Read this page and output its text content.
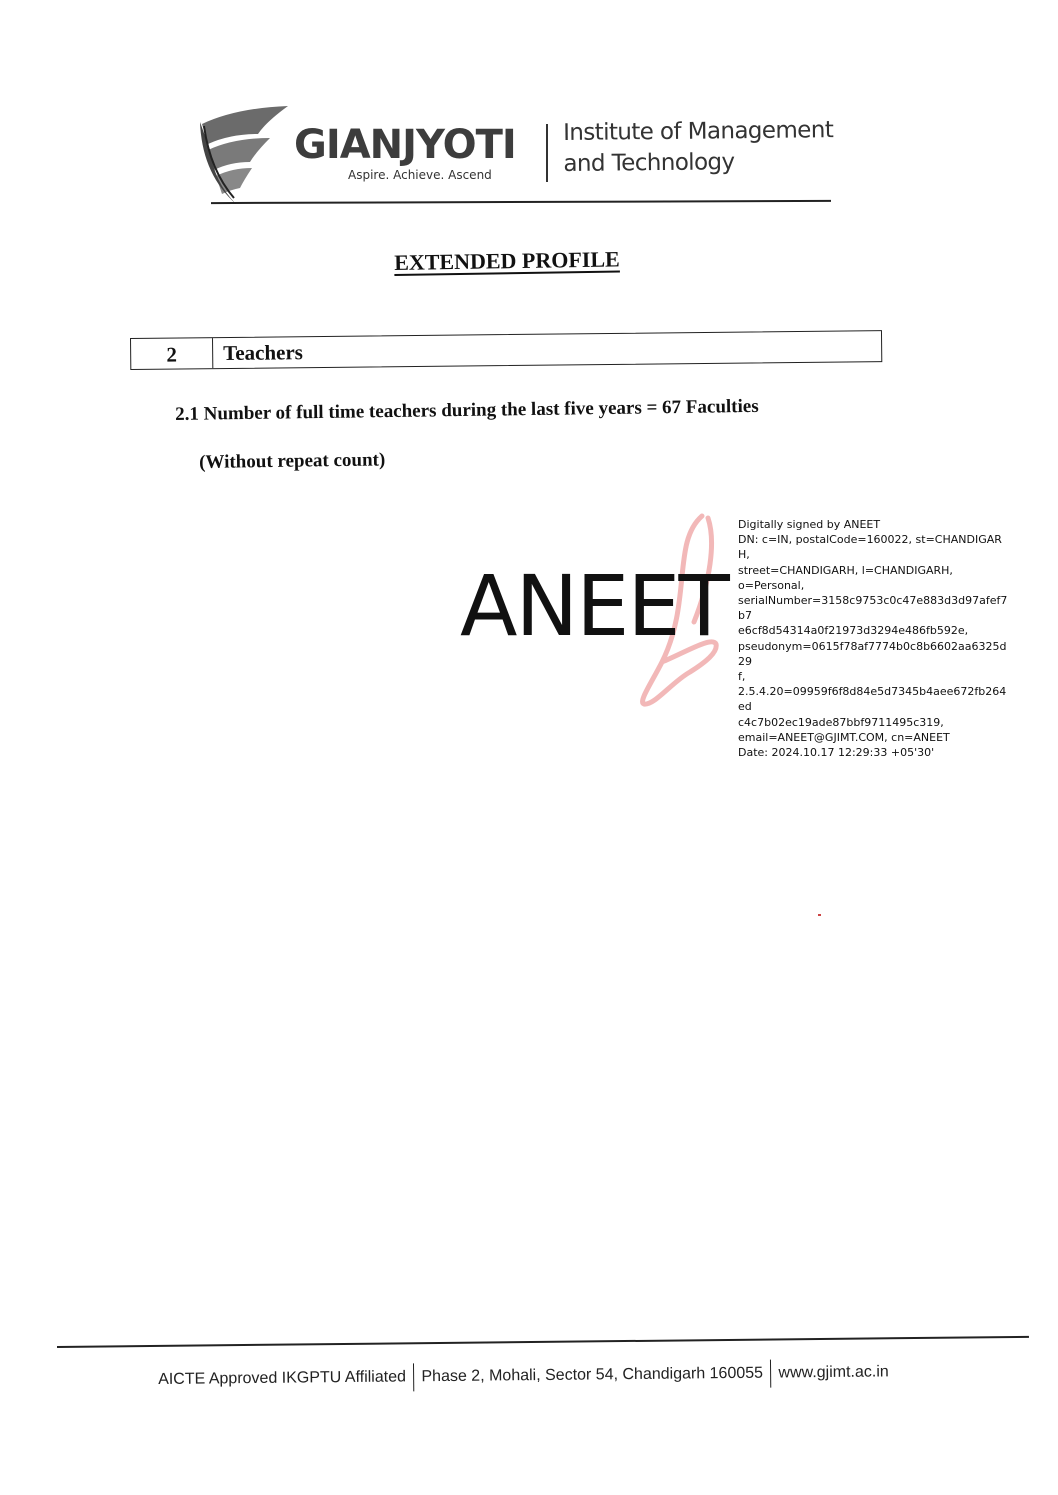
GIANJYOTI
Aspire. Achieve. Ascend
Institute of Management
and Technology
EXTENDED PROFILE
2	Teachers
2.1 Number of full time teachers during the last five years = 67 Faculties
(Without repeat count)
ANEET
Digitally signed by ANEET
DN: c=IN, postalCode=160022, st=CHANDIGARH,
street=CHANDIGARH, l=CHANDIGARH,
o=Personal,
serialNumber=3158c9753c0c47e883d3d97afef7b7
e6cf8d54314a0f21973d3294e486fb592e,
pseudonym=0615f78af7774b0c8b6602aa6325d29
f,
2.5.4.20=09959f6f8d84e5d7345b4aee672fb264ed
c4c7b02ec19ade87bbf9711495c319,
email=ANEET@GJIMT.COM, cn=ANEET
Date: 2024.10.17 12:29:33 +05'30'
AICTE Approved IKGPTU Affiliated Phase 2, Mohali, Sector 54, Chandigarh 160055 www.gjimt.ac.in
